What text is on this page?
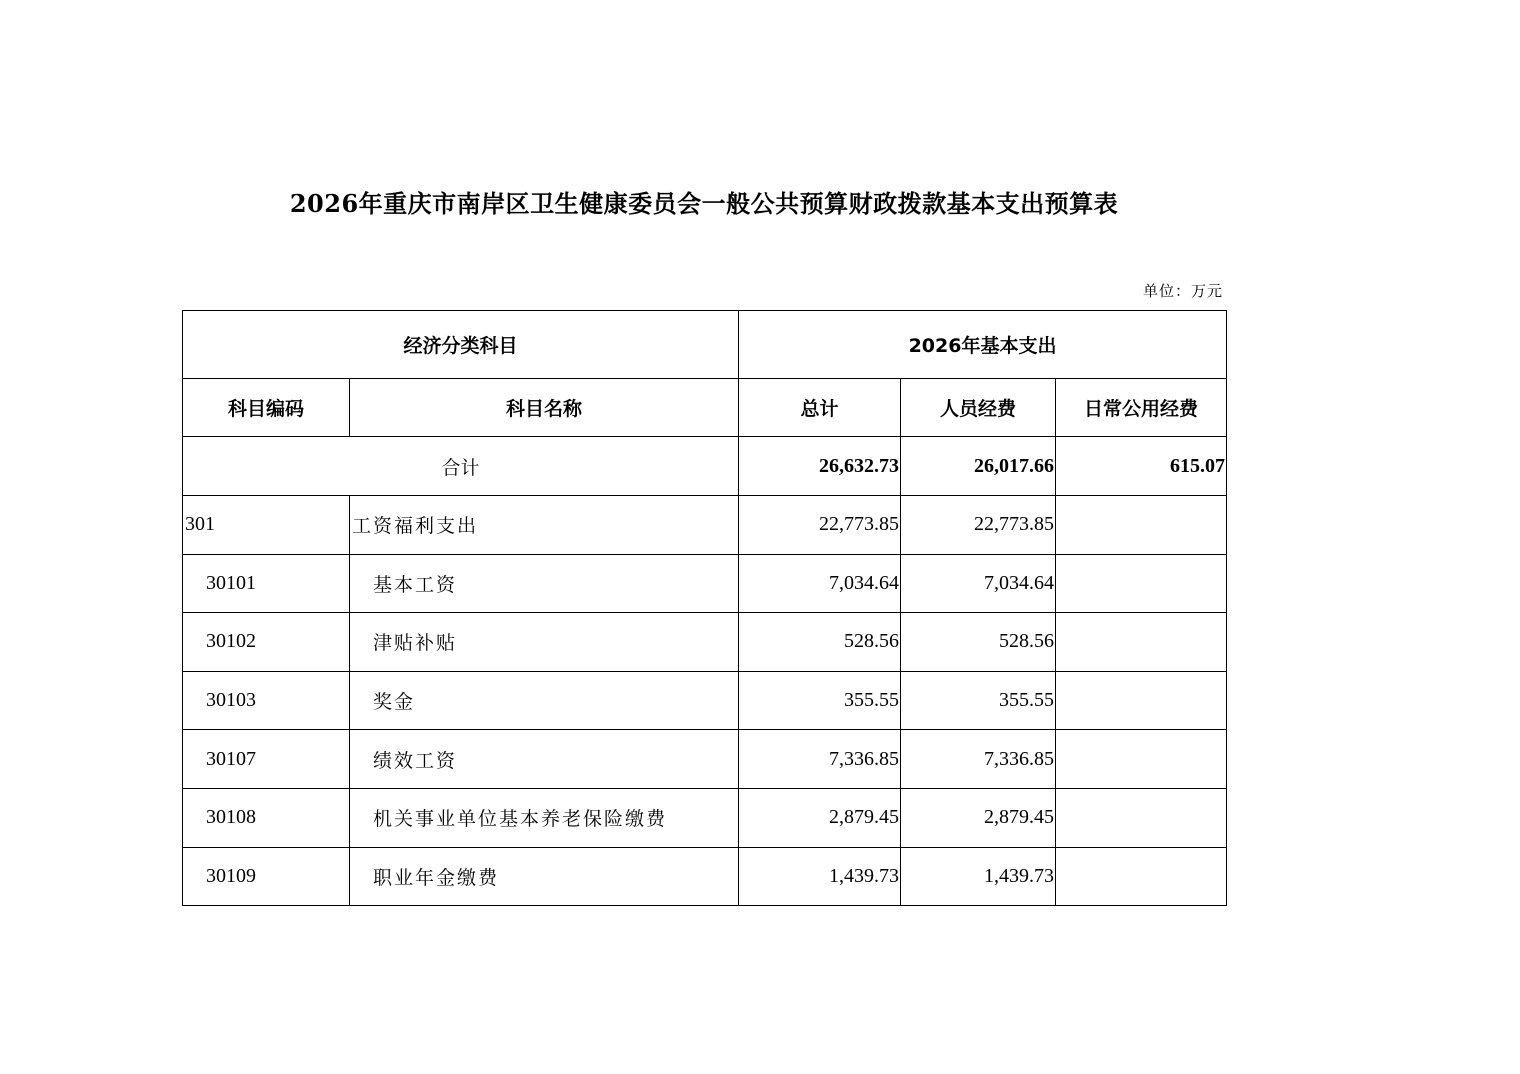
2026年重庆市南岸区卫生健康委员会一般公共预算财政拨款基本支出预算表
单位：万元
经济分类科目		2026年基本支出		
科目编码	科目名称	总计	人员经费	日常公用经费
合计		26,632.73	26,017.66	615.07
301	工资福利支出	22,773.85	22,773.85	
30101	基本工资	7,034.64	7,034.64	
30102	津贴补贴	528.56	528.56	
30103	奖金	355.55	355.55	
30107	绩效工资	7,336.85	7,336.85	
30108	机关事业单位基本养老保险缴费	2,879.45	2,879.45	
30109	职业年金缴费	1,439.73	1,439.73	
